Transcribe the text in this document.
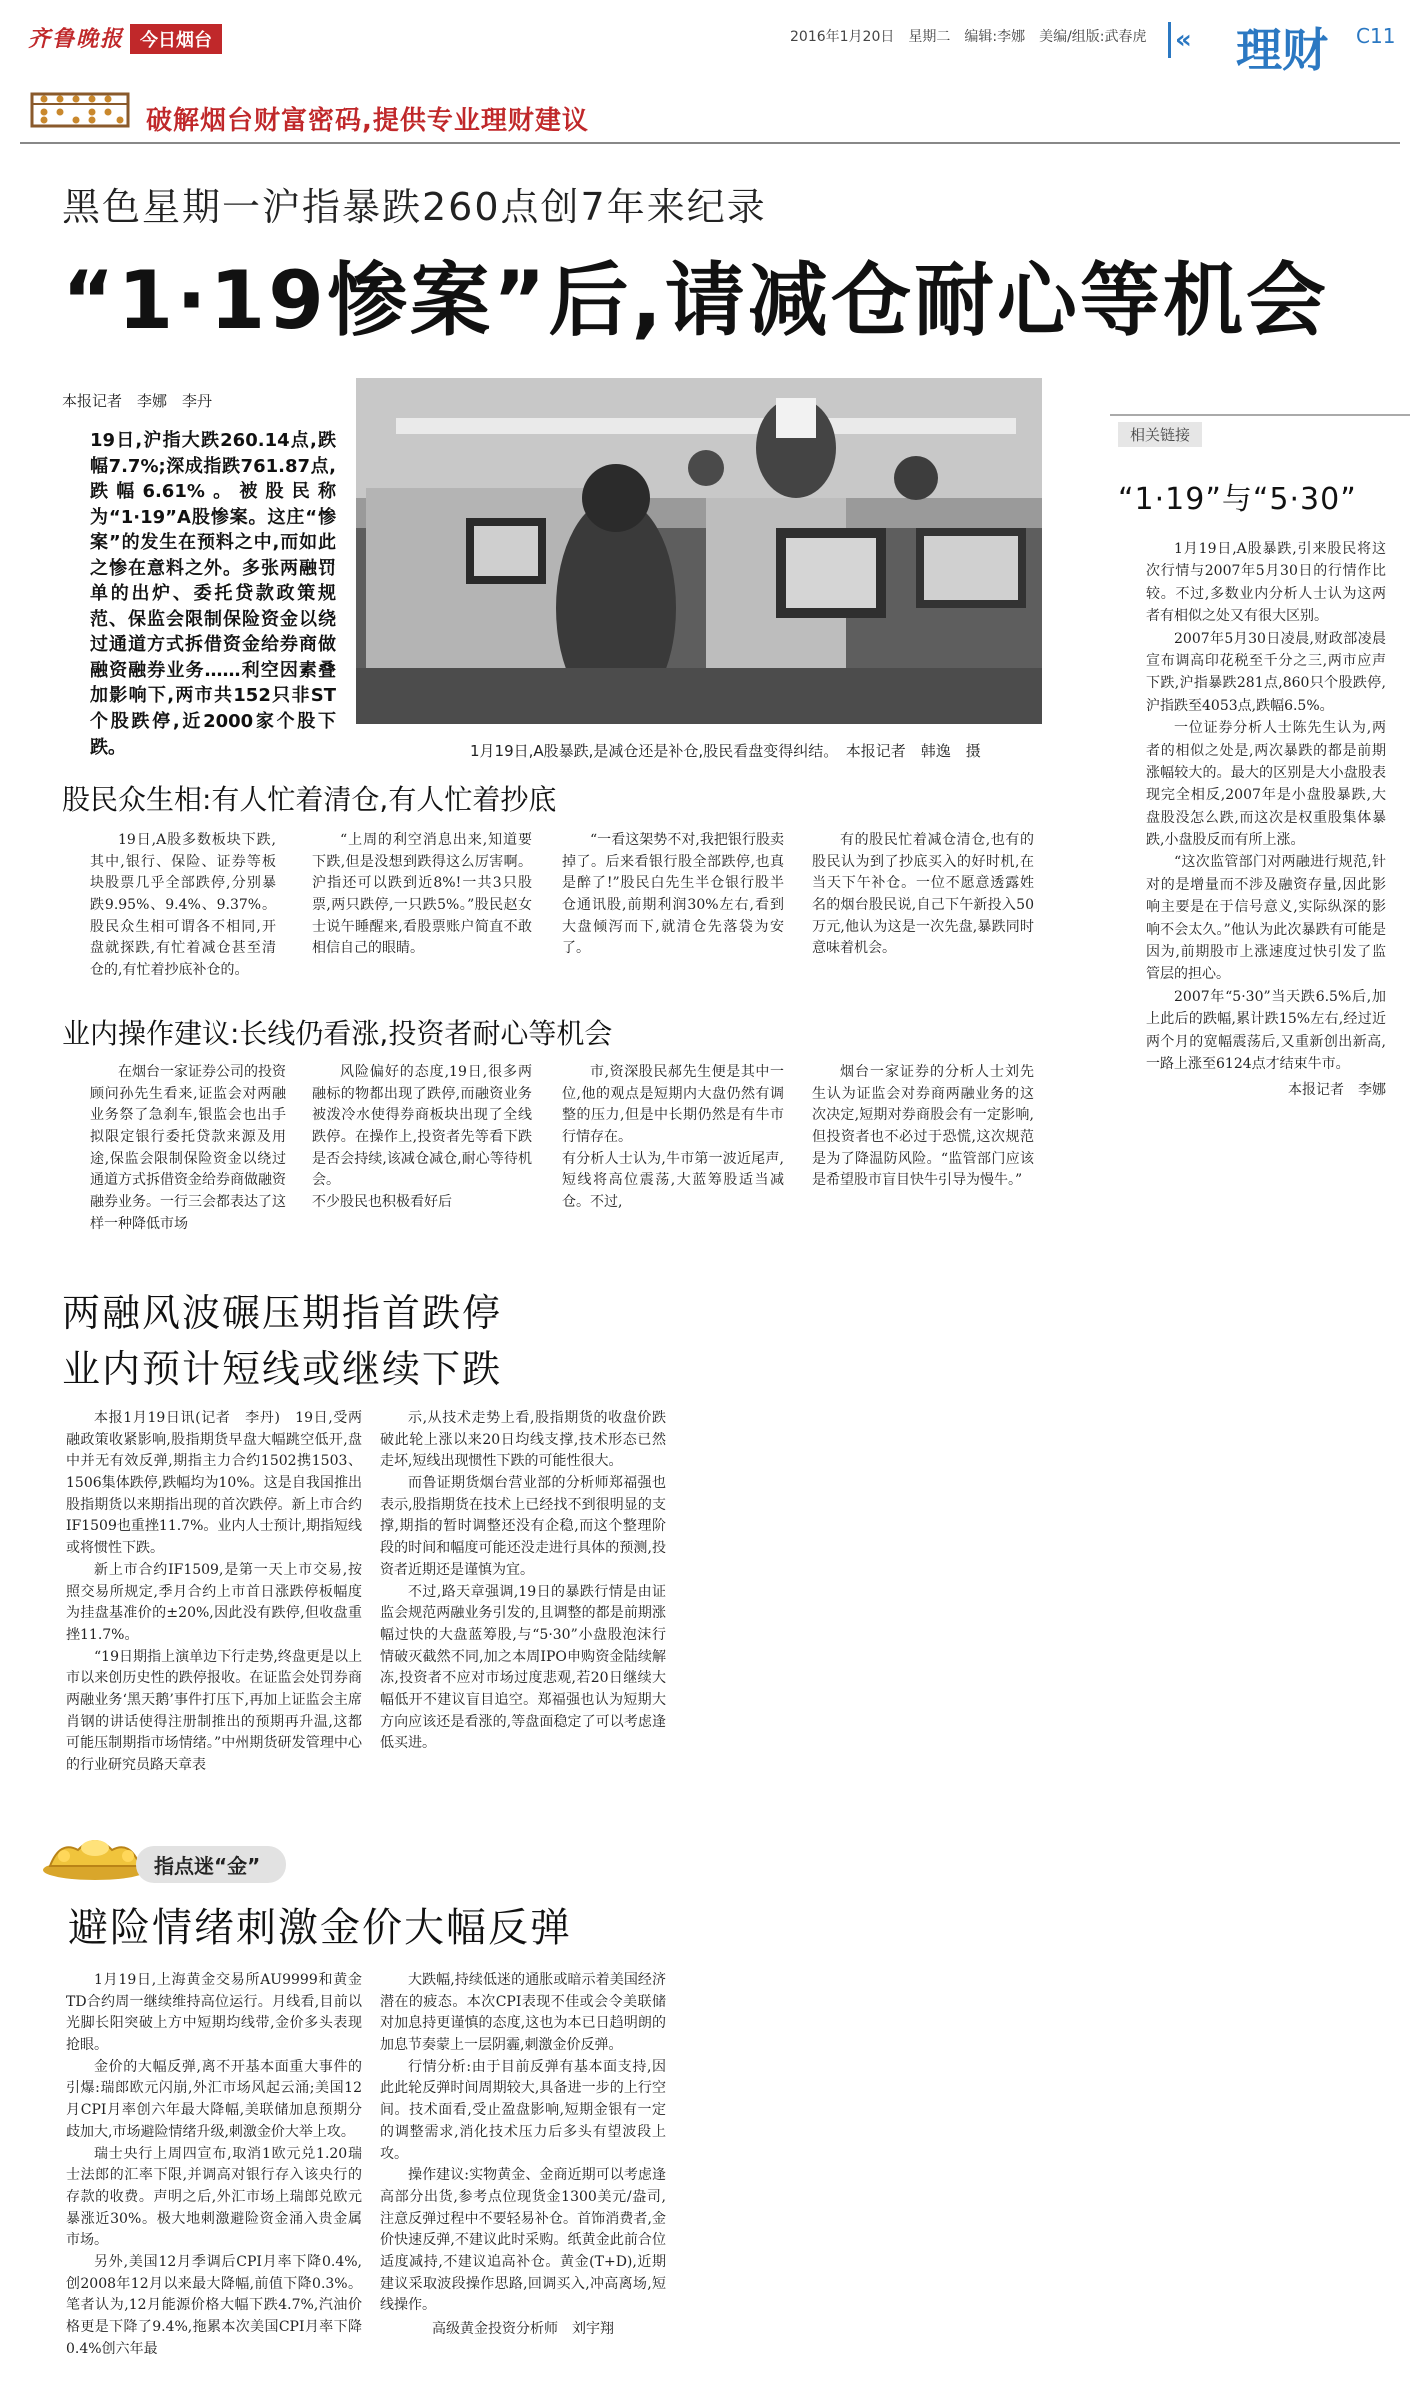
齐鲁晚报 今日烟台	2016年1月20日　星期二　编辑:李娜　美编/组版:武春虎 « 理财 C11
破解烟台财富密码,提供专业理财建议
黑色星期一沪指暴跌260点创7年来纪录
“1·19惨案”后,请减仓耐心等机会
本报记者　李娜　李丹
19日,沪指大跌260.14点,跌幅7.7%;深成指跌761.87点,跌幅6.61%。被股民称为“1·19”A股惨案。这庄“惨案”的发生在预料之中,而如此之惨在意料之外。多张两融罚单的出炉、委托贷款政策规范、保监会限制保险资金以绕过通道方式拆借资金给券商做融资融券业务……利空因素叠加影响下,两市共152只非ST个股跌停,近2000家个股下跌。	1月19日,A股暴跌,是减仓还是补仓,股民看盘变得纠结。　本报记者　韩逸　摄
股民众生相:有人忙着清仓,有人忙着抄底

19日,A股多数板块下跌,其中,银行、保险、证券等板块股票几乎全部跌停,分别暴跌9.95%、9.4%、9.37%。股民众生相可谓各不相同,开盘就探跌,有忙着减仓甚至清仓的,有忙着抄底补仓的。

“上周的利空消息出来,知道要下跌,但是没想到跌得这么厉害啊。沪指还可以跌到近8%!一共3只股票,两只跌停,一只跌5%。”股民赵女士说午睡醒来,看股票账户简直不敢相信自己的眼睛。

“一看这架势不对,我把银行股卖掉了。后来看银行股全部跌停,也真是醉了!”股民白先生半仓银行股半仓通讯股,前期利润30%左右,看到大盘倾泻而下,就清仓先落袋为安了。

有的股民忙着减仓清仓,也有的股民认为到了抄底买入的好时机,在当天下午补仓。一位不愿意透露姓名的烟台股民说,自己下午新投入50万元,他认为这是一次先盘,暴跌同时意味着机会。

业内操作建议:长线仍看涨,投资者耐心等机会

在烟台一家证券公司的投资顾问孙先生看来,证监会对两融业务祭了急刹车,银监会也出手拟限定银行委托贷款来源及用途,保监会限制保险资金以绕过通道方式拆借资金给券商做融资融券业务。一行三会都表达了这样一种降低市场

风险偏好的态度,19日,很多两融标的物都出现了跌停,而融资业务被泼冷水使得券商板块出现了全线跌停。在操作上,投资者先等看下跌是否会持续,该减仓减仓,耐心等待机会。
不少股民也积极看好后

市,资深股民郝先生便是其中一位,他的观点是短期内大盘仍然有调整的压力,但是中长期仍然是有牛市行情存在。
有分析人士认为,牛市第一波近尾声,短线将高位震荡,大蓝筹股适当减仓。不过,

烟台一家证券的分析人士刘先生认为证监会对券商两融业务的这次决定,短期对券商股会有一定影响,但投资者也不必过于恐慌,这次规范是为了降温防风险。“监管部门应该是希望股市盲目快牛引导为慢牛。”

相关链接
“1·19”与“5·30”

1月19日,A股暴跌,引来股民将这次行情与2007年5月30日的行情作比较。不过,多数业内分析人士认为这两者有相似之处又有很大区别。

2007年5月30日凌晨,财政部凌晨宣布调高印花税至千分之三,两市应声下跌,沪指暴跌281点,860只个股跌停,沪指跌至4053点,跌幅6.5%。

一位证券分析人士陈先生认为,两者的相似之处是,两次暴跌的都是前期涨幅较大的。最大的区别是大小盘股表现完全相反,2007年是小盘股暴跌,大盘股没怎么跌,而这次是权重股集体暴跌,小盘股反而有所上涨。

“这次监管部门对两融进行规范,针对的是增量而不涉及融资存量,因此影响主要是在于信号意义,实际纵深的影响不会太久。”他认为此次暴跌有可能是因为,前期股市上涨速度过快引发了监管层的担心。

2007年“5·30”当天跌6.5%后,加上此后的跌幅,累计跌15%左右,经过近两个月的宽幅震荡后,又重新创出新高,一路上涨至6124点才结束牛市。

本报记者　李娜
两融风波碾压期指首跌停
业内预计短线或继续下跌

本报1月19日讯(记者　李丹)　19日,受两融政策收紧影响,股指期货早盘大幅跳空低开,盘中并无有效反弹,期指主力合约1502携1503、1506集体跌停,跌幅均为10%。这是自我国推出股指期货以来期指出现的首次跌停。新上市合约IF1509也重挫11.7%。业内人士预计,期指短线或将惯性下跌。

新上市合约IF1509,是第一天上市交易,按照交易所规定,季月合约上市首日涨跌停板幅度为挂盘基准价的±20%,因此没有跌停,但收盘重挫11.7%。

“19日期指上演单边下行走势,终盘更是以上市以来创历史性的跌停报收。在证监会处罚券商两融业务‘黑天鹅’事件打压下,再加上证监会主席肖钢的讲话使得注册制推出的预期再升温,这都可能压制期指市场情绪。”中州期货研发管理中心的行业研究员路天章表

示,从技术走势上看,股指期货的收盘价跌破此轮上涨以来20日均线支撑,技术形态已然走坏,短线出现惯性下跌的可能性很大。

而鲁证期货烟台营业部的分析师郑福强也表示,股指期货在技术上已经找不到很明显的支撑,期指的暂时调整还没有企稳,而这个整理阶段的时间和幅度可能还没走进行具体的预测,投资者近期还是谨慎为宜。

不过,路天章强调,19日的暴跌行情是由证监会规范两融业务引发的,且调整的都是前期涨幅过快的大盘蓝筹股,与“5·30”小盘股泡沫行情破灭截然不同,加之本周IPO申购资金陆续解冻,投资者不应对市场过度悲观,若20日继续大幅低开不建议盲目追空。郑福强也认为短期大方向应该还是看涨的,等盘面稳定了可以考虑逢低买进。

指点迷“金”
避险情绪刺激金价大幅反弹

1月19日,上海黄金交易所AU9999和黄金TD合约周一继续维持高位运行。月线看,目前以光脚长阳突破上方中短期均线带,金价多头表现抢眼。

金价的大幅反弹,离不开基本面重大事件的引爆:瑞郎欧元闪崩,外汇市场风起云涌;美国12月CPI月率创六年最大降幅,美联储加息预期分歧加大,市场避险情绪升级,刺激金价大举上攻。

瑞士央行上周四宣布,取消1欧元兑1.20瑞士法郎的汇率下限,并调高对银行存入该央行的存款的收费。声明之后,外汇市场上瑞郎兑欧元暴涨近30%。极大地刺激避险资金涌入贵金属市场。

另外,美国12月季调后CPI月率下降0.4%,创2008年12月以来最大降幅,前值下降0.3%。笔者认为,12月能源价格大幅下跌4.7%,汽油价格更是下降了9.4%,拖累本次美国CPI月率下降0.4%创六年最

大跌幅,持续低迷的通胀或暗示着美国经济潜在的疲态。本次CPI表现不佳或会令美联储对加息持更谨慎的态度,这也为本已日趋明朗的加息节奏蒙上一层阴霾,刺激金价反弹。

行情分析:由于目前反弹有基本面支持,因此此轮反弹时间周期较大,具备进一步的上行空间。技术面看,受止盈盘影响,短期金银有一定的调整需求,消化技术压力后多头有望波段上攻。

操作建议:实物黄金、金商近期可以考虑逢高部分出货,参考点位现货金1300美元/盎司,注意反弹过程中不要轻易补仓。首饰消费者,金价快速反弹,不建议此时采购。纸黄金此前合位适度减持,不建议追高补仓。黄金(T+D),近期建议采取波段操作思路,回调买入,冲高离场,短线操作。

高级黄金投资分析师　刘宇翔
